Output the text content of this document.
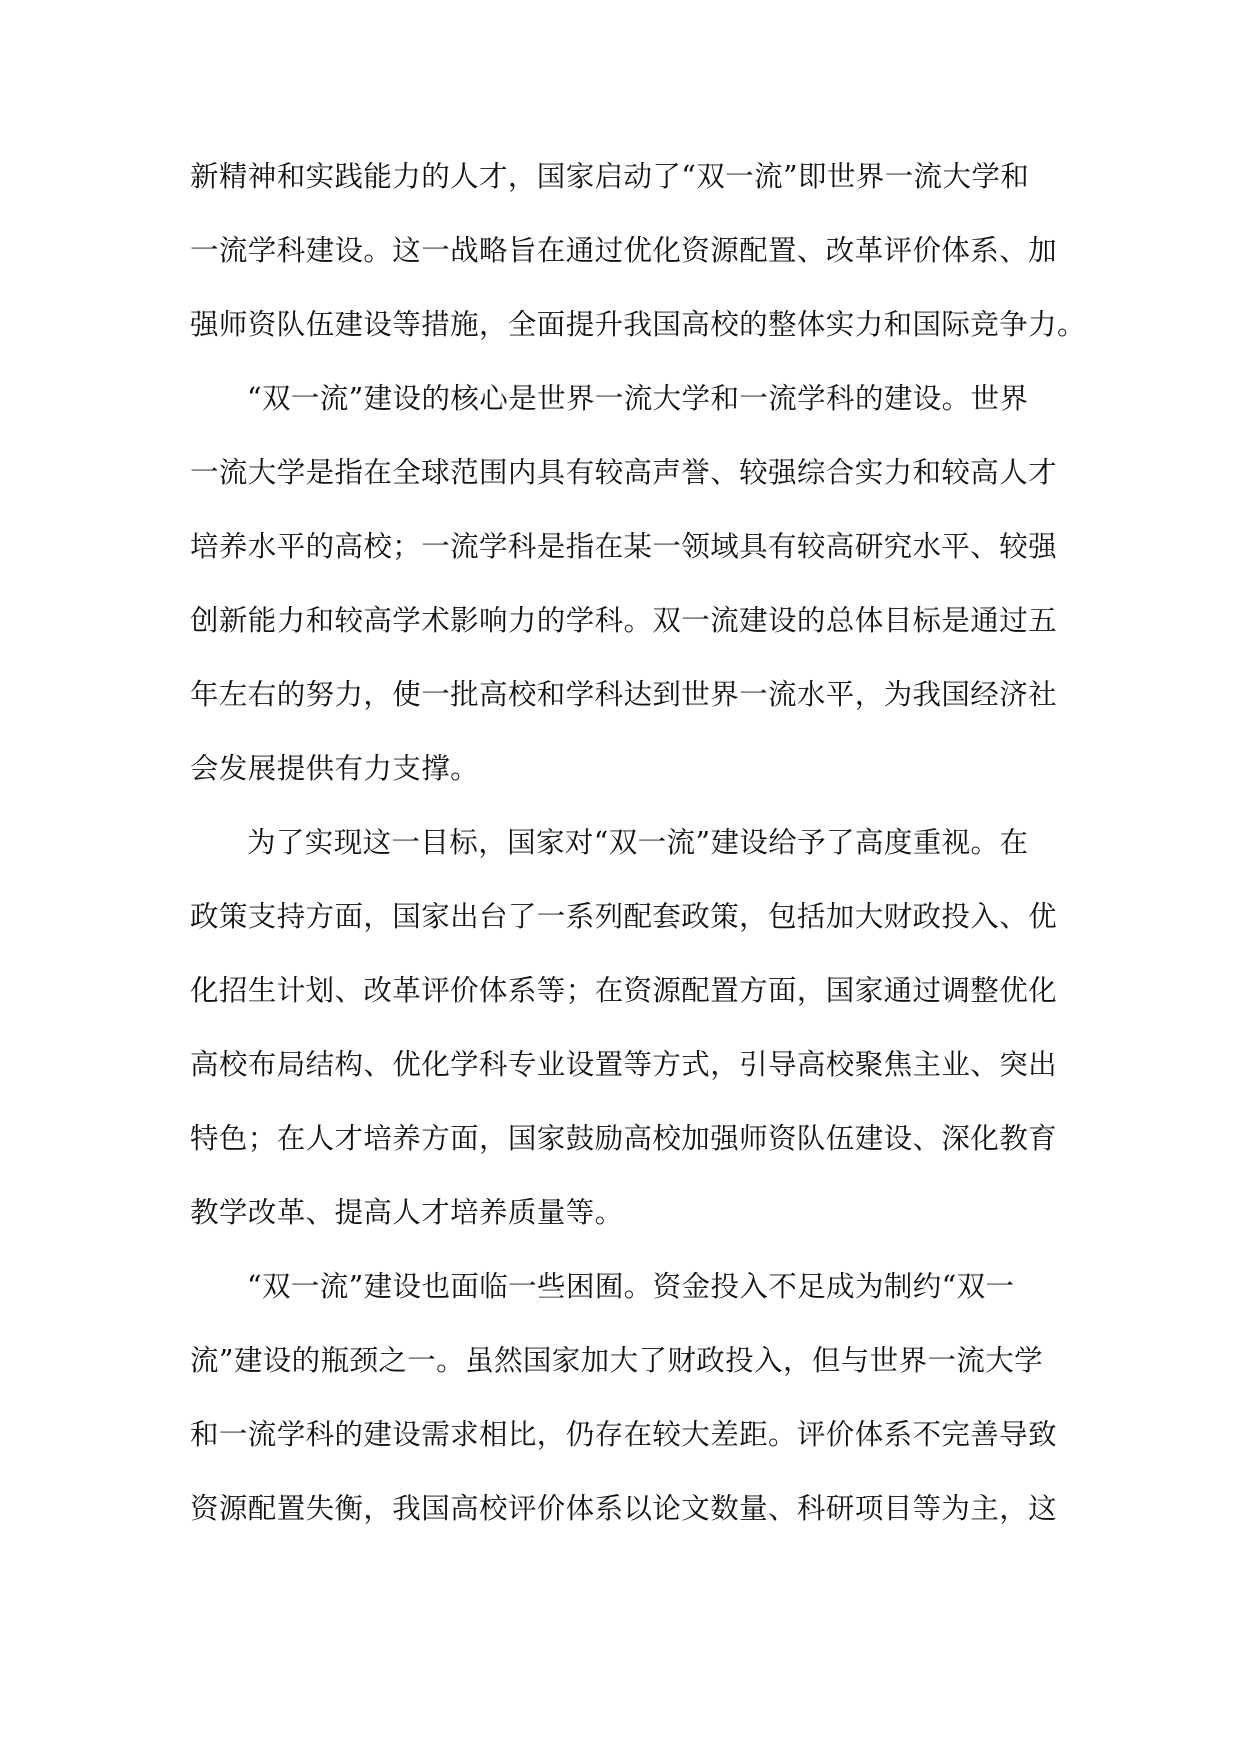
新精神和实践能力的人才，国家启动了“双一流”即世界一流大学和
一流学科建设。这一战略旨在通过优化资源配置、改革评价体系、加
强师资队伍建设等措施，全面提升我国高校的整体实力和国际竞争力。
“双一流”建设的核心是世界一流大学和一流学科的建设。世界
一流大学是指在全球范围内具有较高声誉、较强综合实力和较高人才
培养水平的高校；一流学科是指在某一领域具有较高研究水平、较强
创新能力和较高学术影响力的学科。双一流建设的总体目标是通过五
年左右的努力，使一批高校和学科达到世界一流水平，为我国经济社
会发展提供有力支撑。
为了实现这一目标，国家对“双一流”建设给予了高度重视。在
政策支持方面，国家出台了一系列配套政策，包括加大财政投入、优
化招生计划、改革评价体系等；在资源配置方面，国家通过调整优化
高校布局结构、优化学科专业设置等方式，引导高校聚焦主业、突出
特色；在人才培养方面，国家鼓励高校加强师资队伍建设、深化教育
教学改革、提高人才培养质量等。
“双一流”建设也面临一些困囿。资金投入不足成为制约“双一
流”建设的瓶颈之一。虽然国家加大了财政投入，但与世界一流大学
和一流学科的建设需求相比，仍存在较大差距。评价体系不完善导致
资源配置失衡，我国高校评价体系以论文数量、科研项目等为主，这
